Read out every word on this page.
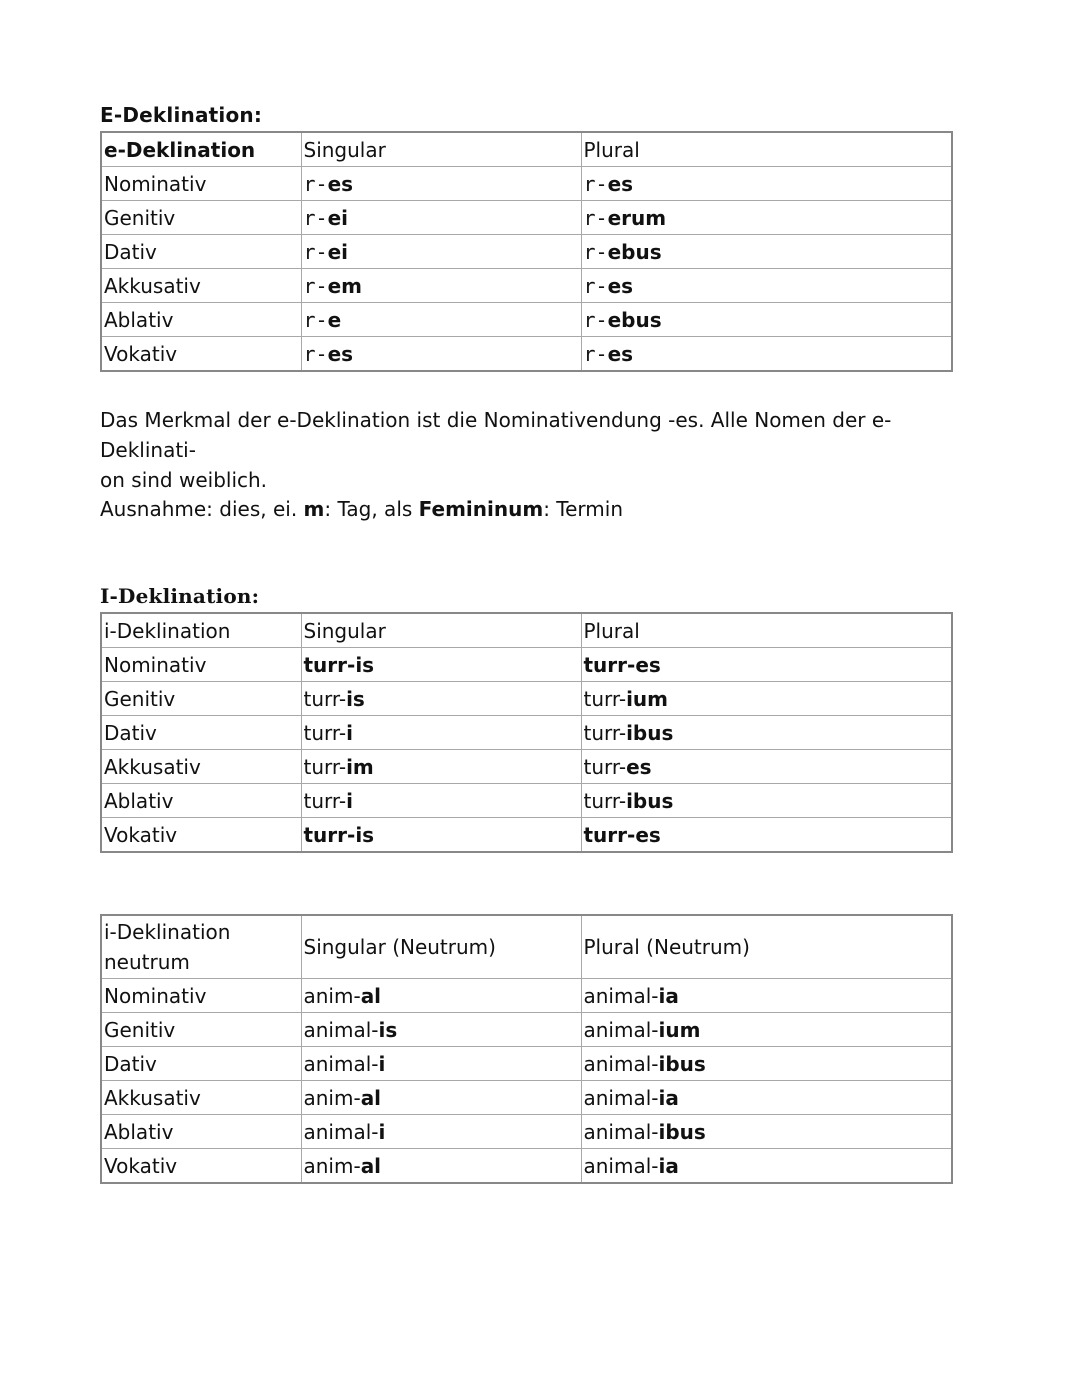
E-Deklination:
e-Deklination	Singular	Plural
Nominativ	r-es	r-es
Genitiv	r-ei	r-erum
Dativ	r-ei	r-ebus
Akkusativ	r-em	r-es
Ablativ	r-e	r-ebus
Vokativ	r-es	r-es
Das Merkmal der e-Deklination ist die Nominativendung -es. Alle Nomen der e-Deklinati-
on sind weiblich.
Ausnahme: dies, ei. m: Tag, als Femininum: Termin
I-Deklination:
i-Deklination	Singular	Plural
Nominativ	turr-is	turr-es
Genitiv	turr-is	turr-ium
Dativ	turr-i	turr-ibus
Akkusativ	turr-im	turr-es
Ablativ	turr-i	turr-ibus
Vokativ	turr-is	turr-es
i-Deklination
neutrum	Singular (Neutrum)	Plural (Neutrum)
Nominativ	anim-al	animal-ia
Genitiv	animal-is	animal-ium
Dativ	animal-i	animal-ibus
Akkusativ	anim-al	animal-ia
Ablativ	animal-i	animal-ibus
Vokativ	anim-al	animal-ia
